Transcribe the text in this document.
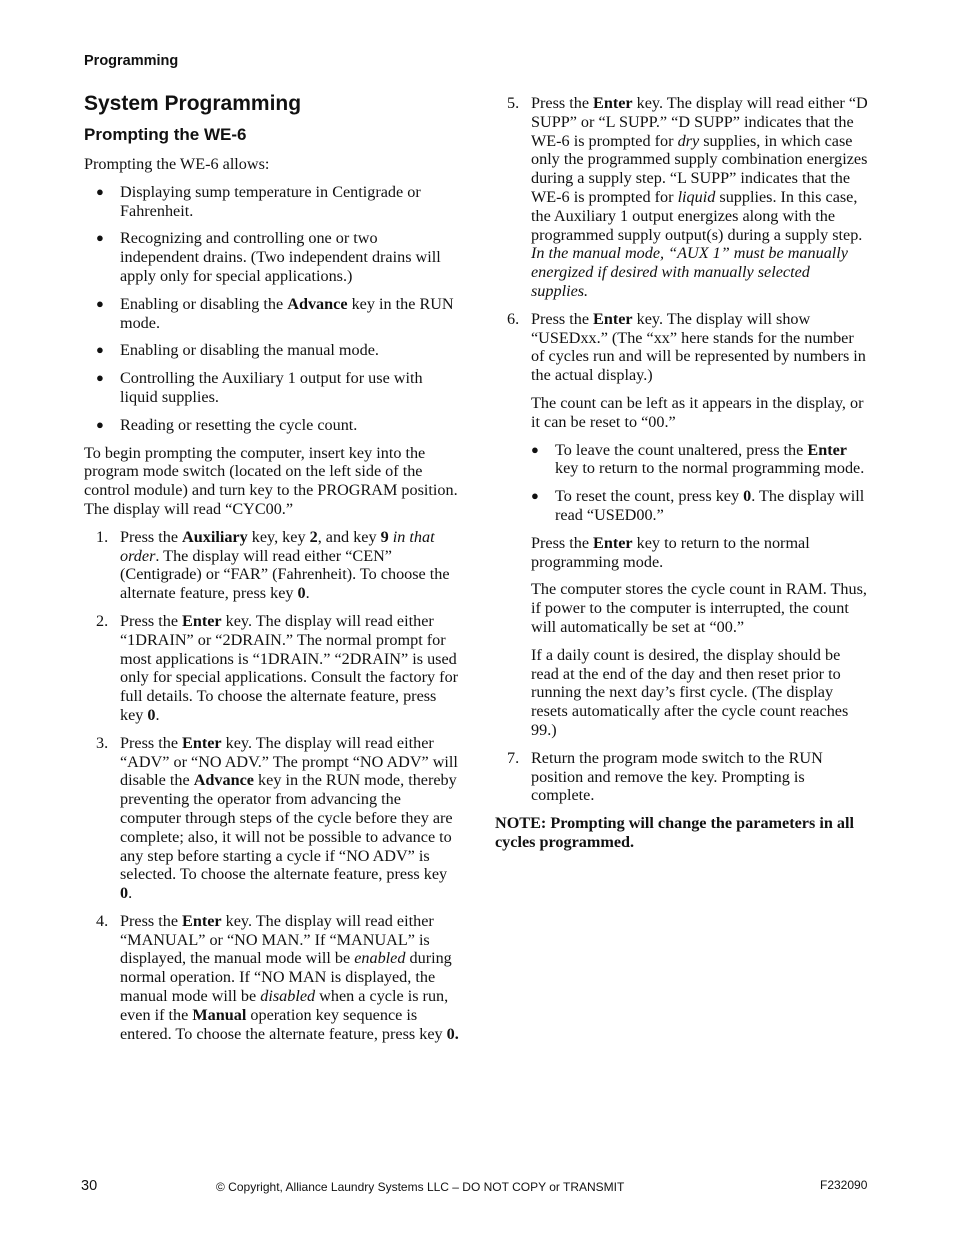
Programming
System Programming
Prompting the WE-6

Prompting the WE-6 allows:

● Displaying sump temperature in Centigrade or Fahrenheit.
● Recognizing and controlling one or two independent drains. (Two independent drains will apply only for special applications.)
● Enabling or disabling the Advance key in the RUN mode.
● Enabling or disabling the manual mode.
● Controlling the Auxiliary 1 output for use with liquid supplies.
● Reading or resetting the cycle count.

To begin prompting the computer, insert key into the program mode switch (located on the left side of the control module) and turn key to the PROGRAM position. The display will read “CYC00.”

1. Press the Auxiliary key, key 2, and key 9 in that order. The display will read either “CEN” (Centigrade) or “FAR” (Fahrenheit). To choose the alternate feature, press key 0.
2. Press the Enter key. The display will read either “1DRAIN” or “2DRAIN.” The normal prompt for most applications is “1DRAIN.” “2DRAIN” is used only for special applications. Consult the factory for full details. To choose the alternate feature, press key 0.
3. Press the Enter key. The display will read either “ADV” or “NO ADV.” The prompt “NO ADV” will disable the Advance key in the RUN mode, thereby preventing the operator from advancing the computer through steps of the cycle before they are complete; also, it will not be possible to advance to any step before starting a cycle if “NO ADV” is selected. To choose the alternate feature, press key 0.
4. Press the Enter key. The display will read either “MANUAL” or “NO MAN.” If “MANUAL” is displayed, the manual mode will be enabled during normal operation. If “NO MAN is displayed, the manual mode will be disabled when a cycle is run, even if the Manual operation key sequence is entered. To choose the alternate feature, press key 0.
5. Press the Enter key. The display will read either “D SUPP” or “L SUPP.” “D SUPP” indicates that the WE-6 is prompted for dry supplies, in which case only the programmed supply combination energizes during a supply step. “L SUPP” indicates that the WE-6 is prompted for liquid supplies. In this case, the Auxiliary 1 output energizes along with the programmed supply output(s) during a supply step. In the manual mode, “AUX 1” must be manually energized if desired with manually selected supplies.
6. Press the Enter key. The display will show “USEDxx.” (The “xx” here stands for the number of cycles run and will be represented by numbers in the actual display.)

The count can be left as it appears in the display, or it can be reset to “00.”

● To leave the count unaltered, press the Enter key to return to the normal programming mode.
● To reset the count, press key 0. The display will read “USED00.”

Press the Enter key to return to the normal programming mode.

The computer stores the cycle count in RAM. Thus, if power to the computer is interrupted, the count will automatically be set at “00.”

If a daily count is desired, the display should be read at the end of the day and then reset prior to running the next day’s first cycle. (The display resets automatically after the cycle count reaches 99.)

7. Return the program mode switch to the RUN position and remove the key. Prompting is complete.

NOTE: Prompting will change the parameters in all cycles programmed.

30	© Copyright, Alliance Laundry Systems LLC – DO NOT COPY or TRANSMIT	F232090
